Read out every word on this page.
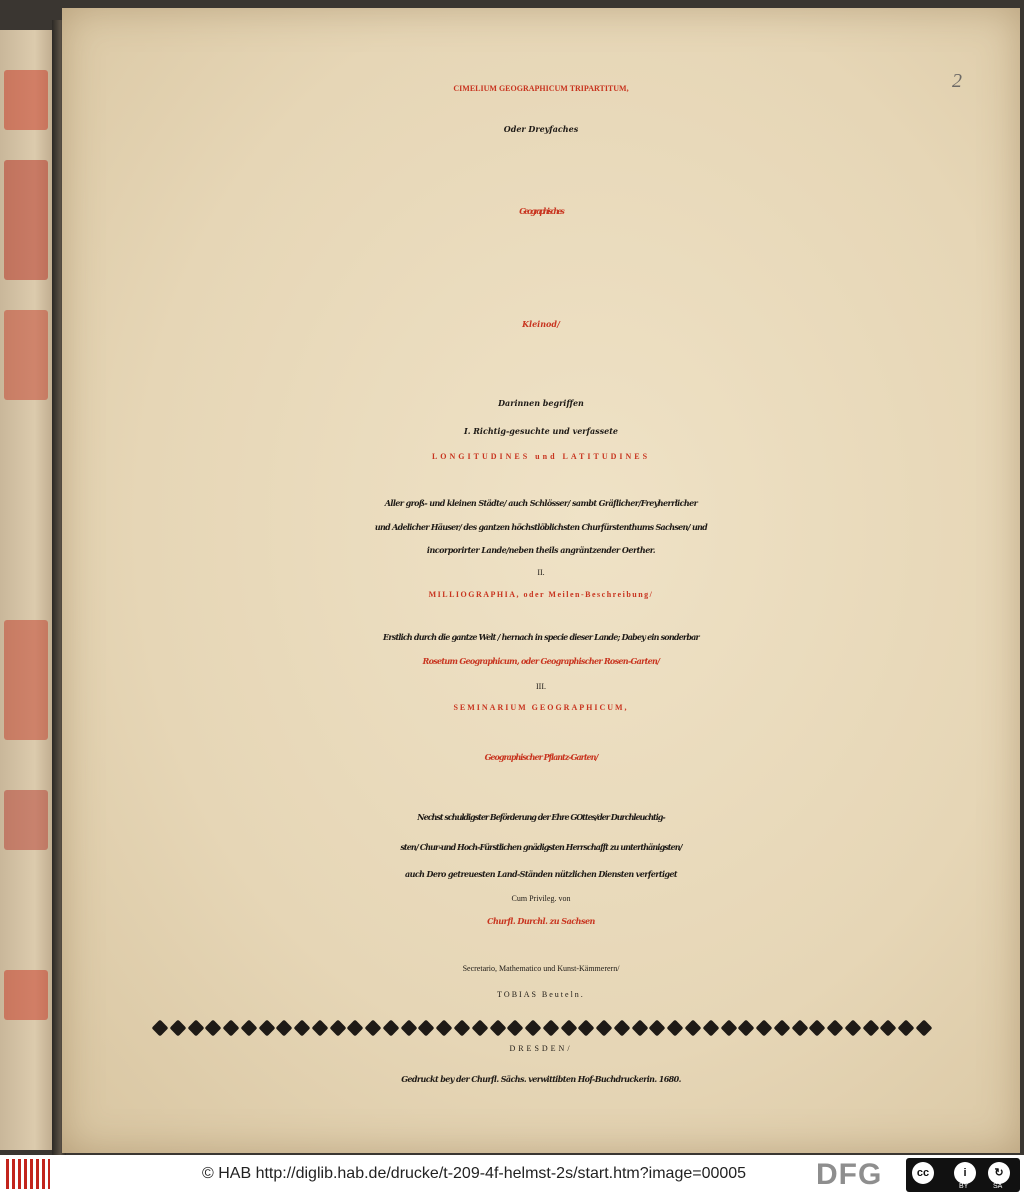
2

CIMELIUM GEOGRAPHICUM TRIPARTITUM,

Oder Dreyfaches

Geographisches

Kleinod/

Darinnen begriffen

I. Richtig-gesuchte und verfassete

LONGITUDINES und LATITUDINES

Aller groß- und kleinen Städte/ auch Schlösser/ sambt Gräflicher/Freyherrlicher

und Adelicher Häuser/ des gantzen höchstlöblichsten Churfürstenthums Sachsen/ und

incorporirter Lande/neben theils angräntzender Oerther.

II.

MILLIOGRAPHIA, oder Meilen-Beschreibung/

Erstlich durch die gantze Welt / hernach in specie dieser Lande; Dabey ein sonderbar

Rosetum Geographicum, oder Geographischer Rosen-Garten/

III.

SEMINARIUM GEOGRAPHICUM,

Geographischer Pflantz-Garten/

Nechst schuldigster Beförderung der Ehre GOttes/der Durchleuchtig-

sten/ Chur-und Hoch-Fürstlichen gnädigsten Herrschafft zu unterthänigsten/

auch Dero getreuesten Land-Ständen nützlichen Diensten verfertiget

Cum Privileg. von

Churfl. Durchl. zu Sachsen

Secretario, Mathematico und Kunst-Kämmerern/

TOBIAS Beuteln.

DRESDEN/

Gedruckt bey der Churfl. Sächs. verwittibten Hof-Buchdruckerin. 1680.

© HAB http://diglib.hab.de/drucke/t-209-4f-helmst-2s/start.htm?image=00005 DFG	cc	i
BY
↻
SA
